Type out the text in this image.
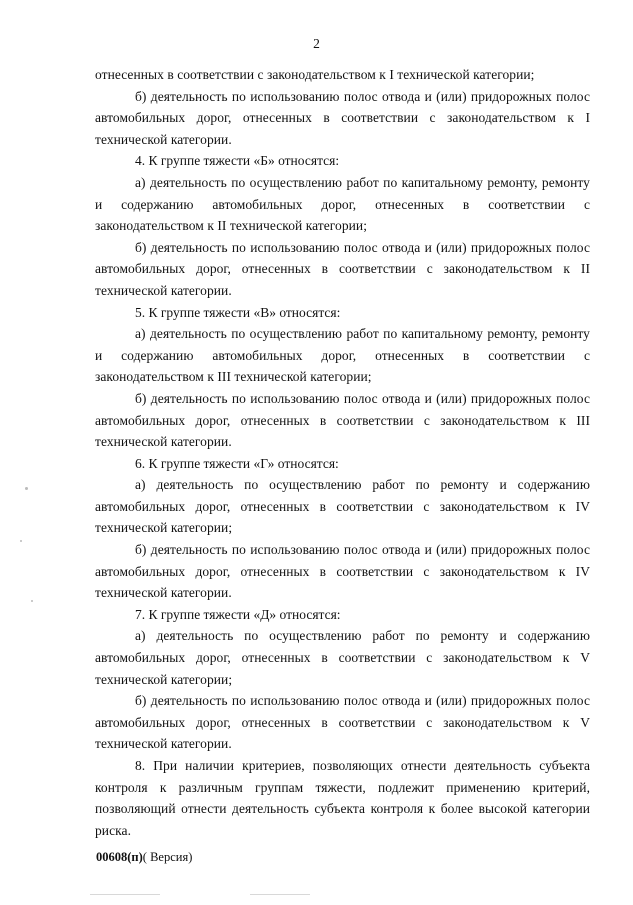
2

отнесенных в соответствии с законодательством к I технической категории;

б) деятельность по использованию полос отвода и (или) придорожных полос автомобильных дорог, отнесенных в соответствии с законодательством к I технической категории.

4. К группе тяжести «Б» относятся:

а) деятельность по осуществлению работ по капитальному ремонту, ремонту и содержанию автомобильных дорог, отнесенных в соответствии с законодательством к II технической категории;

б) деятельность по использованию полос отвода и (или) придорожных полос автомобильных дорог, отнесенных в соответствии с законодательством к II технической категории.

5. К группе тяжести «В» относятся:

а) деятельность по осуществлению работ по капитальному ремонту, ремонту и содержанию автомобильных дорог, отнесенных в соответствии с законодательством к III технической категории;

б) деятельность по использованию полос отвода и (или) придорожных полос автомобильных дорог, отнесенных в соответствии с законодательством к III технической категории.

6. К группе тяжести «Г» относятся:

а) деятельность по осуществлению работ по ремонту и содержанию автомобильных дорог, отнесенных в соответствии с законодательством к IV технической категории;

б) деятельность по использованию полос отвода и (или) придорожных полос автомобильных дорог, отнесенных в соответствии с законодательством к IV технической категории.

7. К группе тяжести «Д» относятся:

а) деятельность по осуществлению работ по ремонту и содержанию автомобильных дорог, отнесенных в соответствии с законодательством к V технической категории;

б) деятельность по использованию полос отвода и (или) придорожных полос автомобильных дорог, отнесенных в соответствии с законодательством к V технической категории.

8. При наличии критериев, позволяющих отнести деятельность субъекта контроля к различным группам тяжести, подлежит применению критерий, позволяющий отнести деятельность субъекта контроля к более высокой категории риска.

00608(п)( Версия)
